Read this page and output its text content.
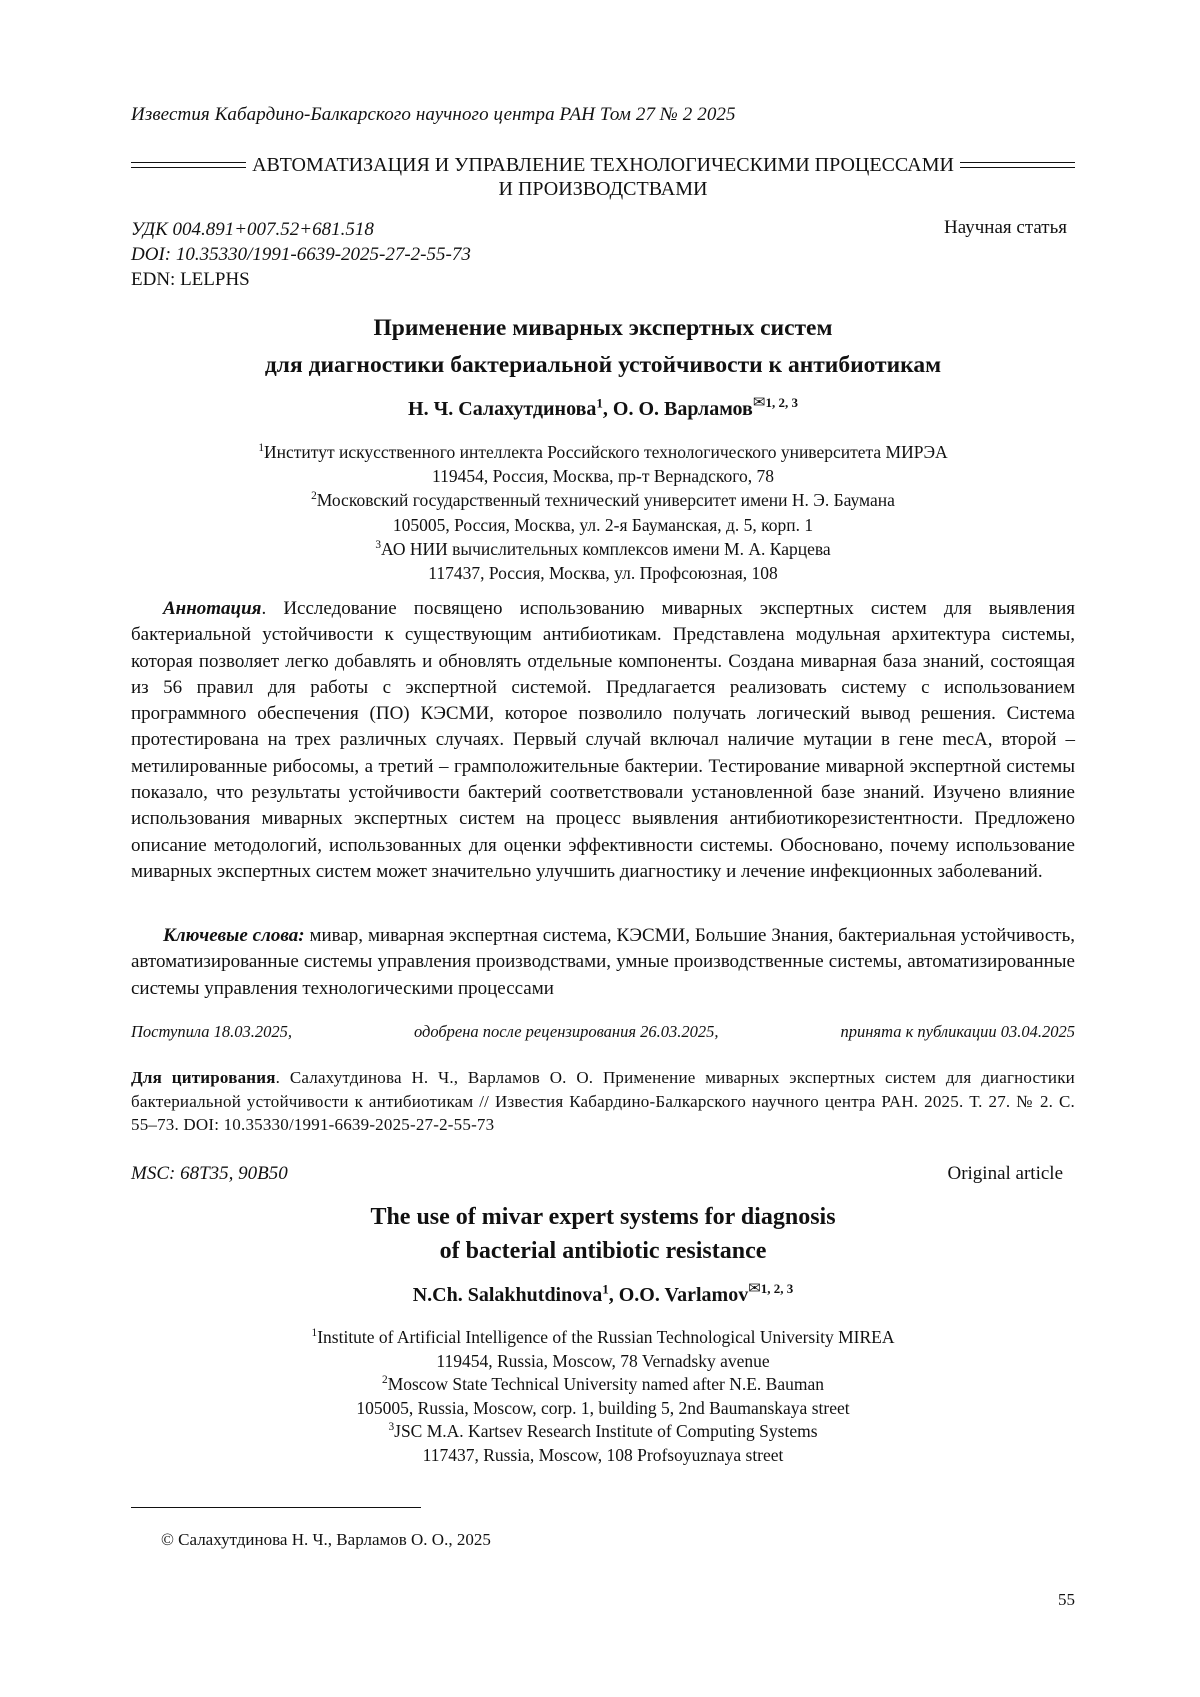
Известия Кабардино-Балкарского научного центра РАН Том 27 № 2 2025
АВТОМАТИЗАЦИЯ И УПРАВЛЕНИЕ ТЕХНОЛОГИЧЕСКИМИ ПРОЦЕССАМИ
И ПРОИЗВОДСТВАМИ
УДК 004.891+007.52+681.518
DOI: 10.35330/1991-6639-2025-27-2-55-73
EDN: LELPHS
Научная статья
Применение миварных экспертных систем
для диагностики бактериальной устойчивости к антибиотикам
Н. Ч. Салахутдинова$^1$, О. О. Варламов$^{✉1, 2, 3}$
$^1$Институт искусственного интеллекта Российского технологического университета МИРЭА
119454, Россия, Москва, пр-т Вернадского, 78
$^2$Московский государственный технический университет имени Н. Э. Баумана
105005, Россия, Москва, ул. 2-я Бауманская, д. 5, корп. 1
$^3$АО НИИ вычислительных комплексов имени М. А. Карцева
117437, Россия, Москва, ул. Профсоюзная, 108
Аннотация. Исследование посвящено использованию миварных экспертных систем для выявления бактериальной устойчивости к существующим антибиотикам. Представлена модульная архитектура системы, которая позволяет легко добавлять и обновлять отдельные компоненты. Создана миварная база знаний, состоящая из 56 правил для работы с экспертной системой. Предлагается реализовать систему с использованием программного обеспечения (ПО) КЭСМИ, которое позволило получать логический вывод решения. Система протестирована на трех различных случаях. Первый случай включал наличие мутации в гене mecA, второй – метилированные рибосомы, а третий – грамположительные бактерии. Тестирование миварной экспертной системы показало, что результаты устойчивости бактерий соответствовали установленной базе знаний. Изучено влияние использования миварных экспертных систем на процесс выявления антибиотикорезистентности. Предложено описание методологий, использованных для оценки эффективности системы. Обосновано, почему использование миварных экспертных систем может значительно улучшить диагностику и лечение инфекционных заболеваний.
Ключевые слова: мивар, миварная экспертная система, КЭСМИ, Большие Знания, бактериальная устойчивость, автоматизированные системы управления производствами, умные производственные системы, автоматизированные системы управления технологическими процессами
Поступила 18.03.2025,	одобрена после рецензирования 26.03.2025,	принята к публикации 03.04.2025
Для цитирования. Салахутдинова Н. Ч., Варламов О. О. Применение миварных экспертных систем для диагностики бактериальной устойчивости к антибиотикам // Известия Кабардино-Балкарского научного центра РАН. 2025. Т. 27. № 2. С. 55–73. DOI: 10.35330/1991-6639-2025-27-2-55-73
MSC: 68T35, 90B50	Original article
The use of mivar expert systems for diagnosis
of bacterial antibiotic resistance
N.Ch. Salakhutdinova$^1$, O.O. Varlamov$^{✉1, 2, 3}$
$^1$Institute of Artificial Intelligence of the Russian Technological University MIREA
119454, Russia, Moscow, 78 Vernadsky avenue
$^2$Moscow State Technical University named after N.E. Bauman
105005, Russia, Moscow, corp. 1, building 5, 2nd Baumanskaya street
$^3$JSC M.A. Kartsev Research Institute of Computing Systems
117437, Russia, Moscow, 108 Profsoyuznaya street
© Салахутдинова Н. Ч., Варламов О. О., 2025
55
